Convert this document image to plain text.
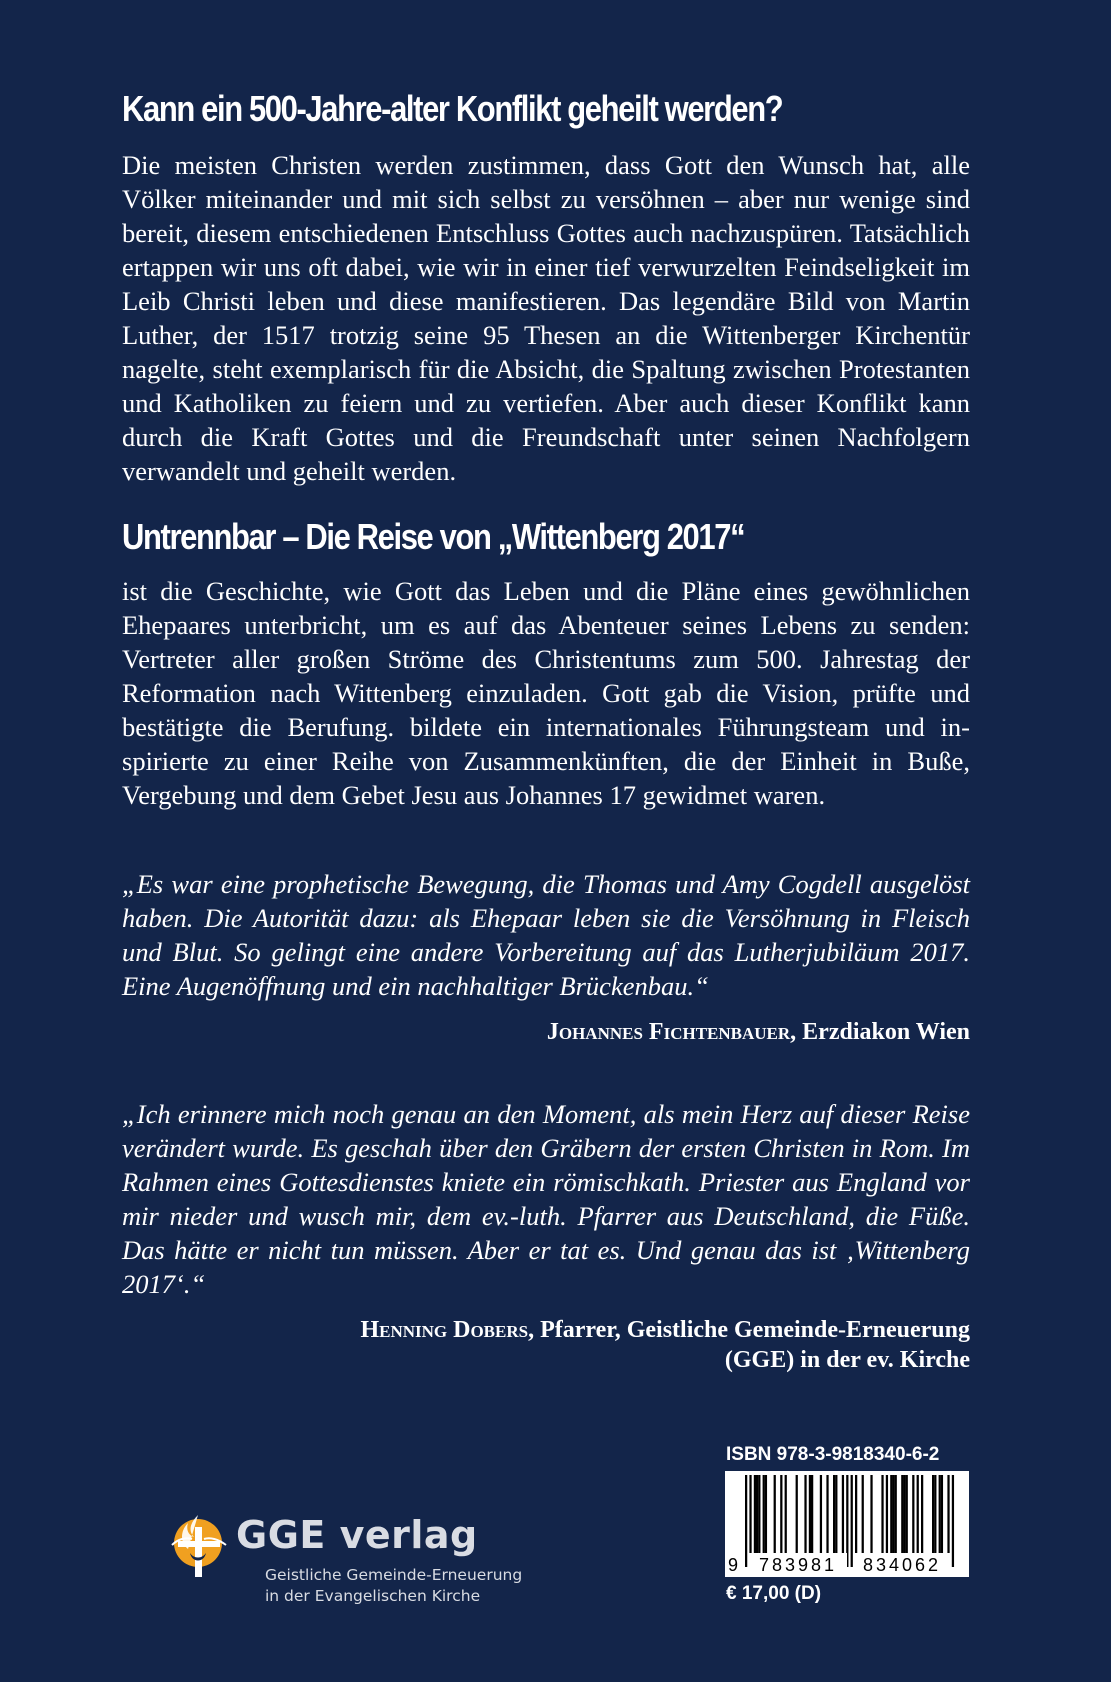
Kann ein 500-Jahre-alter Konflikt geheilt werden?

Die meisten Christen werden zustimmen, dass Gott den Wunsch hat, alle Völker miteinander und mit sich selbst zu versöhnen – aber nur wenige sind bereit, diesem entschiedenen Entschluss Gottes auch nachzuspüren. Tatsächlich ertappen wir uns oft dabei, wie wir in einer tief verwurzelten Feindseligkeit im Leib Christi leben und diese manifestieren. Das legendäre Bild von Martin Luther, der 1517 trotzig seine 95 Thesen an die Wittenberger Kirchentür nagelte, steht exemplarisch für die Absicht, die Spaltung zwischen Protestanten und Katholiken zu feiern und zu vertiefen. Aber auch dieser Konflikt kann durch die Kraft Gottes und die Freundschaft unter seinen Nachfolgern verwandelt und geheilt werden.

Untrennbar – Die Reise von „Wittenberg 2017“

ist die Geschichte, wie Gott das Leben und die Pläne eines gewöhnlichen Ehepaares unterbricht, um es auf das Abenteuer seines Lebens zu senden: Vertreter aller großen Ströme des Christentums zum 500. Jahrestag der Reformation nach Wittenberg einzuladen. Gott gab die Vision, prüfte und bestätigte die Berufung. bildete ein internationales Führungsteam und inspirierte zu einer Reihe von Zusammenkünften, die der Einheit in Buße, Vergebung und dem Gebet Jesu aus Johannes 17 gewidmet waren.

„Es war eine prophetische Bewegung, die Thomas und Amy Cogdell ausgelöst haben. Die Autorität dazu: als Ehepaar leben sie die Versöhnung in Fleisch und Blut. So gelingt eine andere Vorbereitung auf das Lutherjubiläum 2017. Eine Augenöffnung und ein nachhaltiger Brückenbau.“

Johannes Fichtenbauer, Erzdiakon Wien

„Ich erinnere mich noch genau an den Moment, als mein Herz auf dieser Reise verändert wurde. Es geschah über den Gräbern der ersten Christen in Rom. Im Rahmen eines Gottesdienstes kniete ein römischkath. Priester aus England vor mir nieder und wusch mir, dem ev.-luth. Pfarrer aus Deutschland, die Füße. Das hätte er nicht tun müssen. Aber er tat es. Und genau das ist ‚Wittenberg 2017‘.“

Henning Dobers, Pfarrer, Geistliche Gemeinde-Erneuerung
(GGE) in der ev. Kirche
GGE verlag
Geistliche Gemeinde-Erneuerung
in der Evangelischen Kirche
ISBN 978-3-9818340-6-2
9 783981 834062
€ 17,00 (D)
